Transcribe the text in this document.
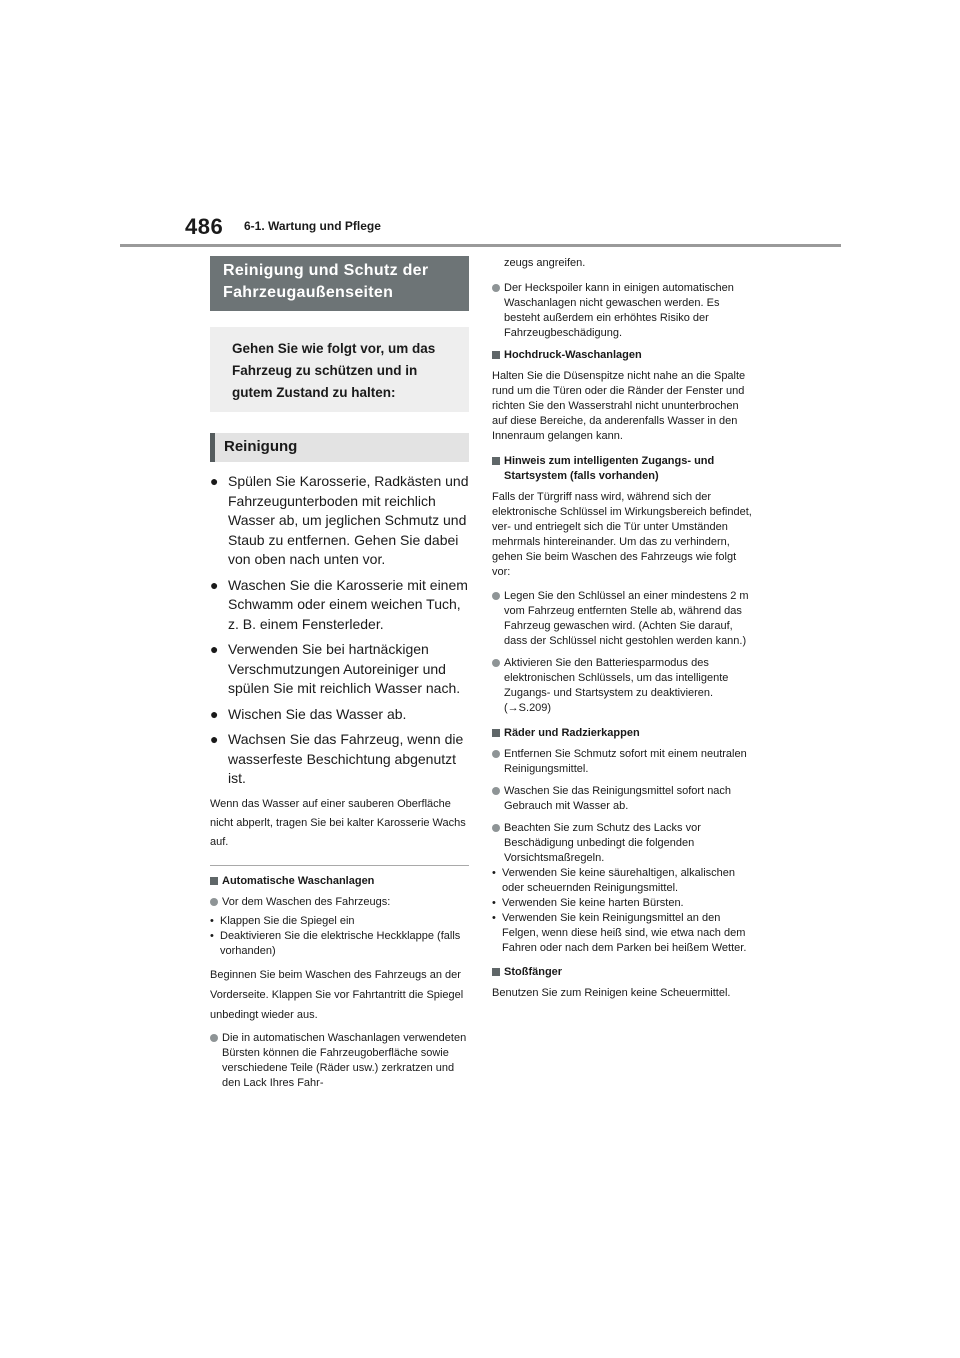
486 6-1. Wartung und Pflege
Reinigung und Schutz der Fahrzeugaußenseiten
Gehen Sie wie folgt vor, um das Fahrzeug zu schützen und in gutem Zustand zu halten:
Reinigung
● Spülen Sie Karosserie, Radkästen und Fahrzeugunterboden mit reichlich Wasser ab, um jeglichen Schmutz und Staub zu entfernen. Gehen Sie dabei von oben nach unten vor.
● Waschen Sie die Karosserie mit einem Schwamm oder einem weichen Tuch, z. B. einem Fensterleder.
● Verwenden Sie bei hartnäckigen Verschmutzungen Autoreiniger und spülen Sie mit reichlich Wasser nach.
● Wischen Sie das Wasser ab.
● Wachsen Sie das Fahrzeug, wenn die wasserfeste Beschichtung abgenutzt ist.
Wenn das Wasser auf einer sauberen Oberfläche nicht abperlt, tragen Sie bei kalter Karosserie Wachs auf.
Automatische Waschanlagen
Vor dem Waschen des Fahrzeugs:
• Klappen Sie die Spiegel ein
• Deaktivieren Sie die elektrische Heckklappe (falls vorhanden)
Beginnen Sie beim Waschen des Fahrzeugs an der Vorderseite. Klappen Sie vor Fahrtantritt die Spiegel unbedingt wieder aus.
Die in automatischen Waschanlagen verwendeten Bürsten können die Fahrzeugoberfläche sowie verschiedene Teile (Räder usw.) zerkratzen und den Lack Ihres Fahr-
zeugs angreifen.
Der Heckspoiler kann in einigen automatischen Waschanlagen nicht gewaschen werden. Es besteht außerdem ein erhöhtes Risiko der Fahrzeugbeschädigung.
Hochdruck-Waschanlagen
Halten Sie die Düsenspitze nicht nahe an die Spalte rund um die Türen oder die Ränder der Fenster und richten Sie den Wasserstrahl nicht ununterbrochen auf diese Bereiche, da anderenfalls Wasser in den Innenraum gelangen kann.
Hinweis zum intelligenten Zugangs- und Startsystem (falls vorhanden)
Falls der Türgriff nass wird, während sich der elektronische Schlüssel im Wirkungsbereich befindet, ver- und entriegelt sich die Tür unter Umständen mehrmals hintereinander. Um das zu verhindern, gehen Sie beim Waschen des Fahrzeugs wie folgt vor:
Legen Sie den Schlüssel an einer mindestens 2 m vom Fahrzeug entfernten Stelle ab, während das Fahrzeug gewaschen wird. (Achten Sie darauf, dass der Schlüssel nicht gestohlen werden kann.)
Aktivieren Sie den Batteriesparmodus des elektronischen Schlüssels, um das intelligente Zugangs- und Startsystem zu deaktivieren. (→S.209)
Räder und Radzierkappen
Entfernen Sie Schmutz sofort mit einem neutralen Reinigungsmittel.
Waschen Sie das Reinigungsmittel sofort nach Gebrauch mit Wasser ab.
Beachten Sie zum Schutz des Lacks vor Beschädigung unbedingt die folgenden Vorsichtsmaßregeln.
• Verwenden Sie keine säurehaltigen, alkalischen oder scheuernden Reinigungsmittel.
• Verwenden Sie keine harten Bürsten.
• Verwenden Sie kein Reinigungsmittel an den Felgen, wenn diese heiß sind, wie etwa nach dem Fahren oder nach dem Parken bei heißem Wetter.
Stoßfänger
Benutzen Sie zum Reinigen keine Scheuermittel.
